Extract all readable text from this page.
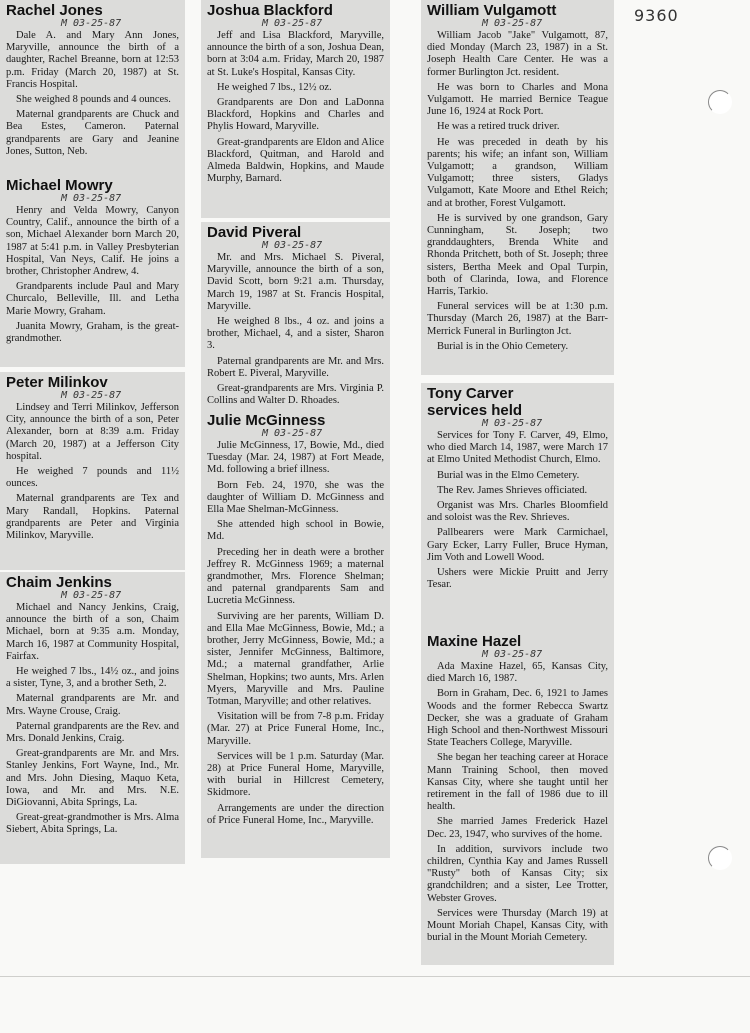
9360
Rachel Jones
M 03-25-87

Dale A. and Mary Ann Jones, Maryville, announce the birth of a daughter, Rachel Breanne, born at 12:53 p.m. Friday (March 20, 1987) at St. Francis Hospital.

She weighed 8 pounds and 4 ounces.

Maternal grandparents are Chuck and Bea Estes, Cameron. Paternal grandparents are Gary and Jeanine Jones, Sutton, Neb.

Michael Mowry
M 03-25-87

Henry and Velda Mowry, Canyon Country, Calif., announce the birth of a son, Michael Alexander born March 20, 1987 at 5:41 p.m. in Valley Presbyterian Hospital, Van Neys, Calif. He joins a brother, Christopher Andrew, 4.

Grandparents include Paul and Mary Churcalo, Belleville, Ill. and Letha Marie Mowry, Graham.

Juanita Mowry, Graham, is the great-grandmother.

Peter Milinkov
M 03-25-87

Lindsey and Terri Milinkov, Jefferson City, announce the birth of a son, Peter Alexander, born at 8:39 a.m. Friday (March 20, 1987) at a Jefferson City hospital.

He weighed 7 pounds and 11½ ounces.

Maternal grandparents are Tex and Mary Randall, Hopkins. Paternal grandparents are Peter and Virginia Milinkov, Maryville.

Chaim Jenkins
M 03-25-87

Michael and Nancy Jenkins, Craig, announce the birth of a son, Chaim Michael, born at 9:35 a.m. Monday, March 16, 1987 at Community Hospital, Fairfax.

He weighed 7 lbs., 14½ oz., and joins a sister, Tyne, 3, and a brother Seth, 2.

Maternal grandparents are Mr. and Mrs. Wayne Crouse, Craig.

Paternal grandparents are the Rev. and Mrs. Donald Jenkins, Craig.

Great-grandparents are Mr. and Mrs. Stanley Jenkins, Fort Wayne, Ind., Mr. and Mrs. John Diesing, Maquo Keta, Iowa, and Mr. and Mrs. N.E. DiGiovanni, Abita Springs, La.

Great-great-grandmother is Mrs. Alma Siebert, Abita Springs, La.

Joshua Blackford
M 03-25-87

Jeff and Lisa Blackford, Maryville, announce the birth of a son, Joshua Dean, born at 3:04 a.m. Friday, March 20, 1987 at St. Luke's Hospital, Kansas City.

He weighed 7 lbs., 12½ oz.

Grandparents are Don and LaDonna Blackford, Hopkins and Charles and Phylis Howard, Maryville.

Great-grandparents are Eldon and Alice Blackford, Quitman, and Harold and Almeda Baldwin, Hopkins, and Maude Murphy, Barnard.

David Piveral
M 03-25-87

Mr. and Mrs. Michael S. Piveral, Maryville, announce the birth of a son, David Scott, born 9:21 a.m. Thursday, March 19, 1987 at St. Francis Hospital, Maryville.

He weighed 8 lbs., 4 oz. and joins a brother, Michael, 4, and a sister, Sharon 3.

Paternal grandparents are Mr. and Mrs. Robert E. Piveral, Maryville.

Great-grandparents are Mrs. Virginia P. Collins and Walter D. Rhoades.

Julie McGinness
M 03-25-87

Julie McGinness, 17, Bowie, Md., died Tuesday (Mar. 24, 1987) at Fort Meade, Md. following a brief illness.

Born Feb. 24, 1970, she was the daughter of William D. McGinness and Ella Mae Shelman-McGinness.

She attended high school in Bowie, Md.

Preceding her in death were a brother Jeffrey R. McGinness 1969; a maternal grandmother, Mrs. Florence Shelman; and paternal grandparents Sam and Lucretia McGinness.

Surviving are her parents, William D. and Ella Mae McGinness, Bowie, Md.; a brother, Jerry McGinness, Bowie, Md.; a sister, Jennifer McGinness, Baltimore, Md.; a maternal grandfather, Arlie Shelman, Hopkins; two aunts, Mrs. Arlen Myers, Maryville and Mrs. Pauline Totman, Maryville; and other relatives.

Visitation will be from 7-8 p.m. Friday (Mar. 27) at Price Funeral Home, Inc., Maryville.

Services will be 1 p.m. Saturday (Mar. 28) at Price Funeral Home, Maryville, with burial in Hillcrest Cemetery, Skidmore.

Arrangements are under the direction of Price Funeral Home, Inc., Maryville.

William Vulgamott
M 03-25-87

William Jacob "Jake" Vulgamott, 87, died Monday (March 23, 1987) in a St. Joseph Health Care Center. He was a former Burlington Jct. resident.

He was born to Charles and Mona Vulgamott. He married Bernice Teague June 16, 1924 at Rock Port.

He was a retired truck driver.

He was preceded in death by his parents; his wife; an infant son, William Vulgamott; a grandson, William Vulgamott; three sisters, Gladys Vulgamott, Kate Moore and Ethel Reich; and at brother, Forest Vulgamott.

He is survived by one grandson, Gary Cunningham, St. Joseph; two granddaughters, Brenda White and Rhonda Pritchett, both of St. Joseph; three sisters, Bertha Meek and Opal Turpin, both of Clarinda, Iowa, and Florence Harris, Tarkio.

Funeral services will be at 1:30 p.m. Thursday (March 26, 1987) at the Barr-Merrick Funeral in Burlington Jct.

Burial is in the Ohio Cemetery.

Tony Carver services held
M 03-25-87

Services for Tony F. Carver, 49, Elmo, who died March 14, 1987, were March 17 at Elmo United Methodist Church, Elmo.

Burial was in the Elmo Cemetery.

The Rev. James Shrieves officiated.

Organist was Mrs. Charles Bloomfield and soloist was the Rev. Shrieves.

Pallbearers were Mark Carmichael, Gary Ecker, Larry Fuller, Bruce Hyman, Jim Voth and Lowell Wood.

Ushers were Mickie Pruitt and Jerry Tesar.

Maxine Hazel
M 03-25-87

Ada Maxine Hazel, 65, Kansas City, died March 16, 1987.

Born in Graham, Dec. 6, 1921 to James Woods and the former Rebecca Swartz Decker, she was a graduate of Graham High School and then-Northwest Missouri State Teachers College, Maryville.

She began her teaching career at Horace Mann Training School, then moved Kansas City, where she taught until her retirement in the fall of 1986 due to ill health.

She married James Frederick Hazel Dec. 23, 1947, who survives of the home.

In addition, survivors include two children, Cynthia Kay and James Russell "Rusty" both of Kansas City; six grandchildren; and a sister, Lee Trotter, Webster Groves.

Services were Thursday (March 19) at Mount Moriah Chapel, Kansas City, with burial in the Mount Moriah Cemetery.
